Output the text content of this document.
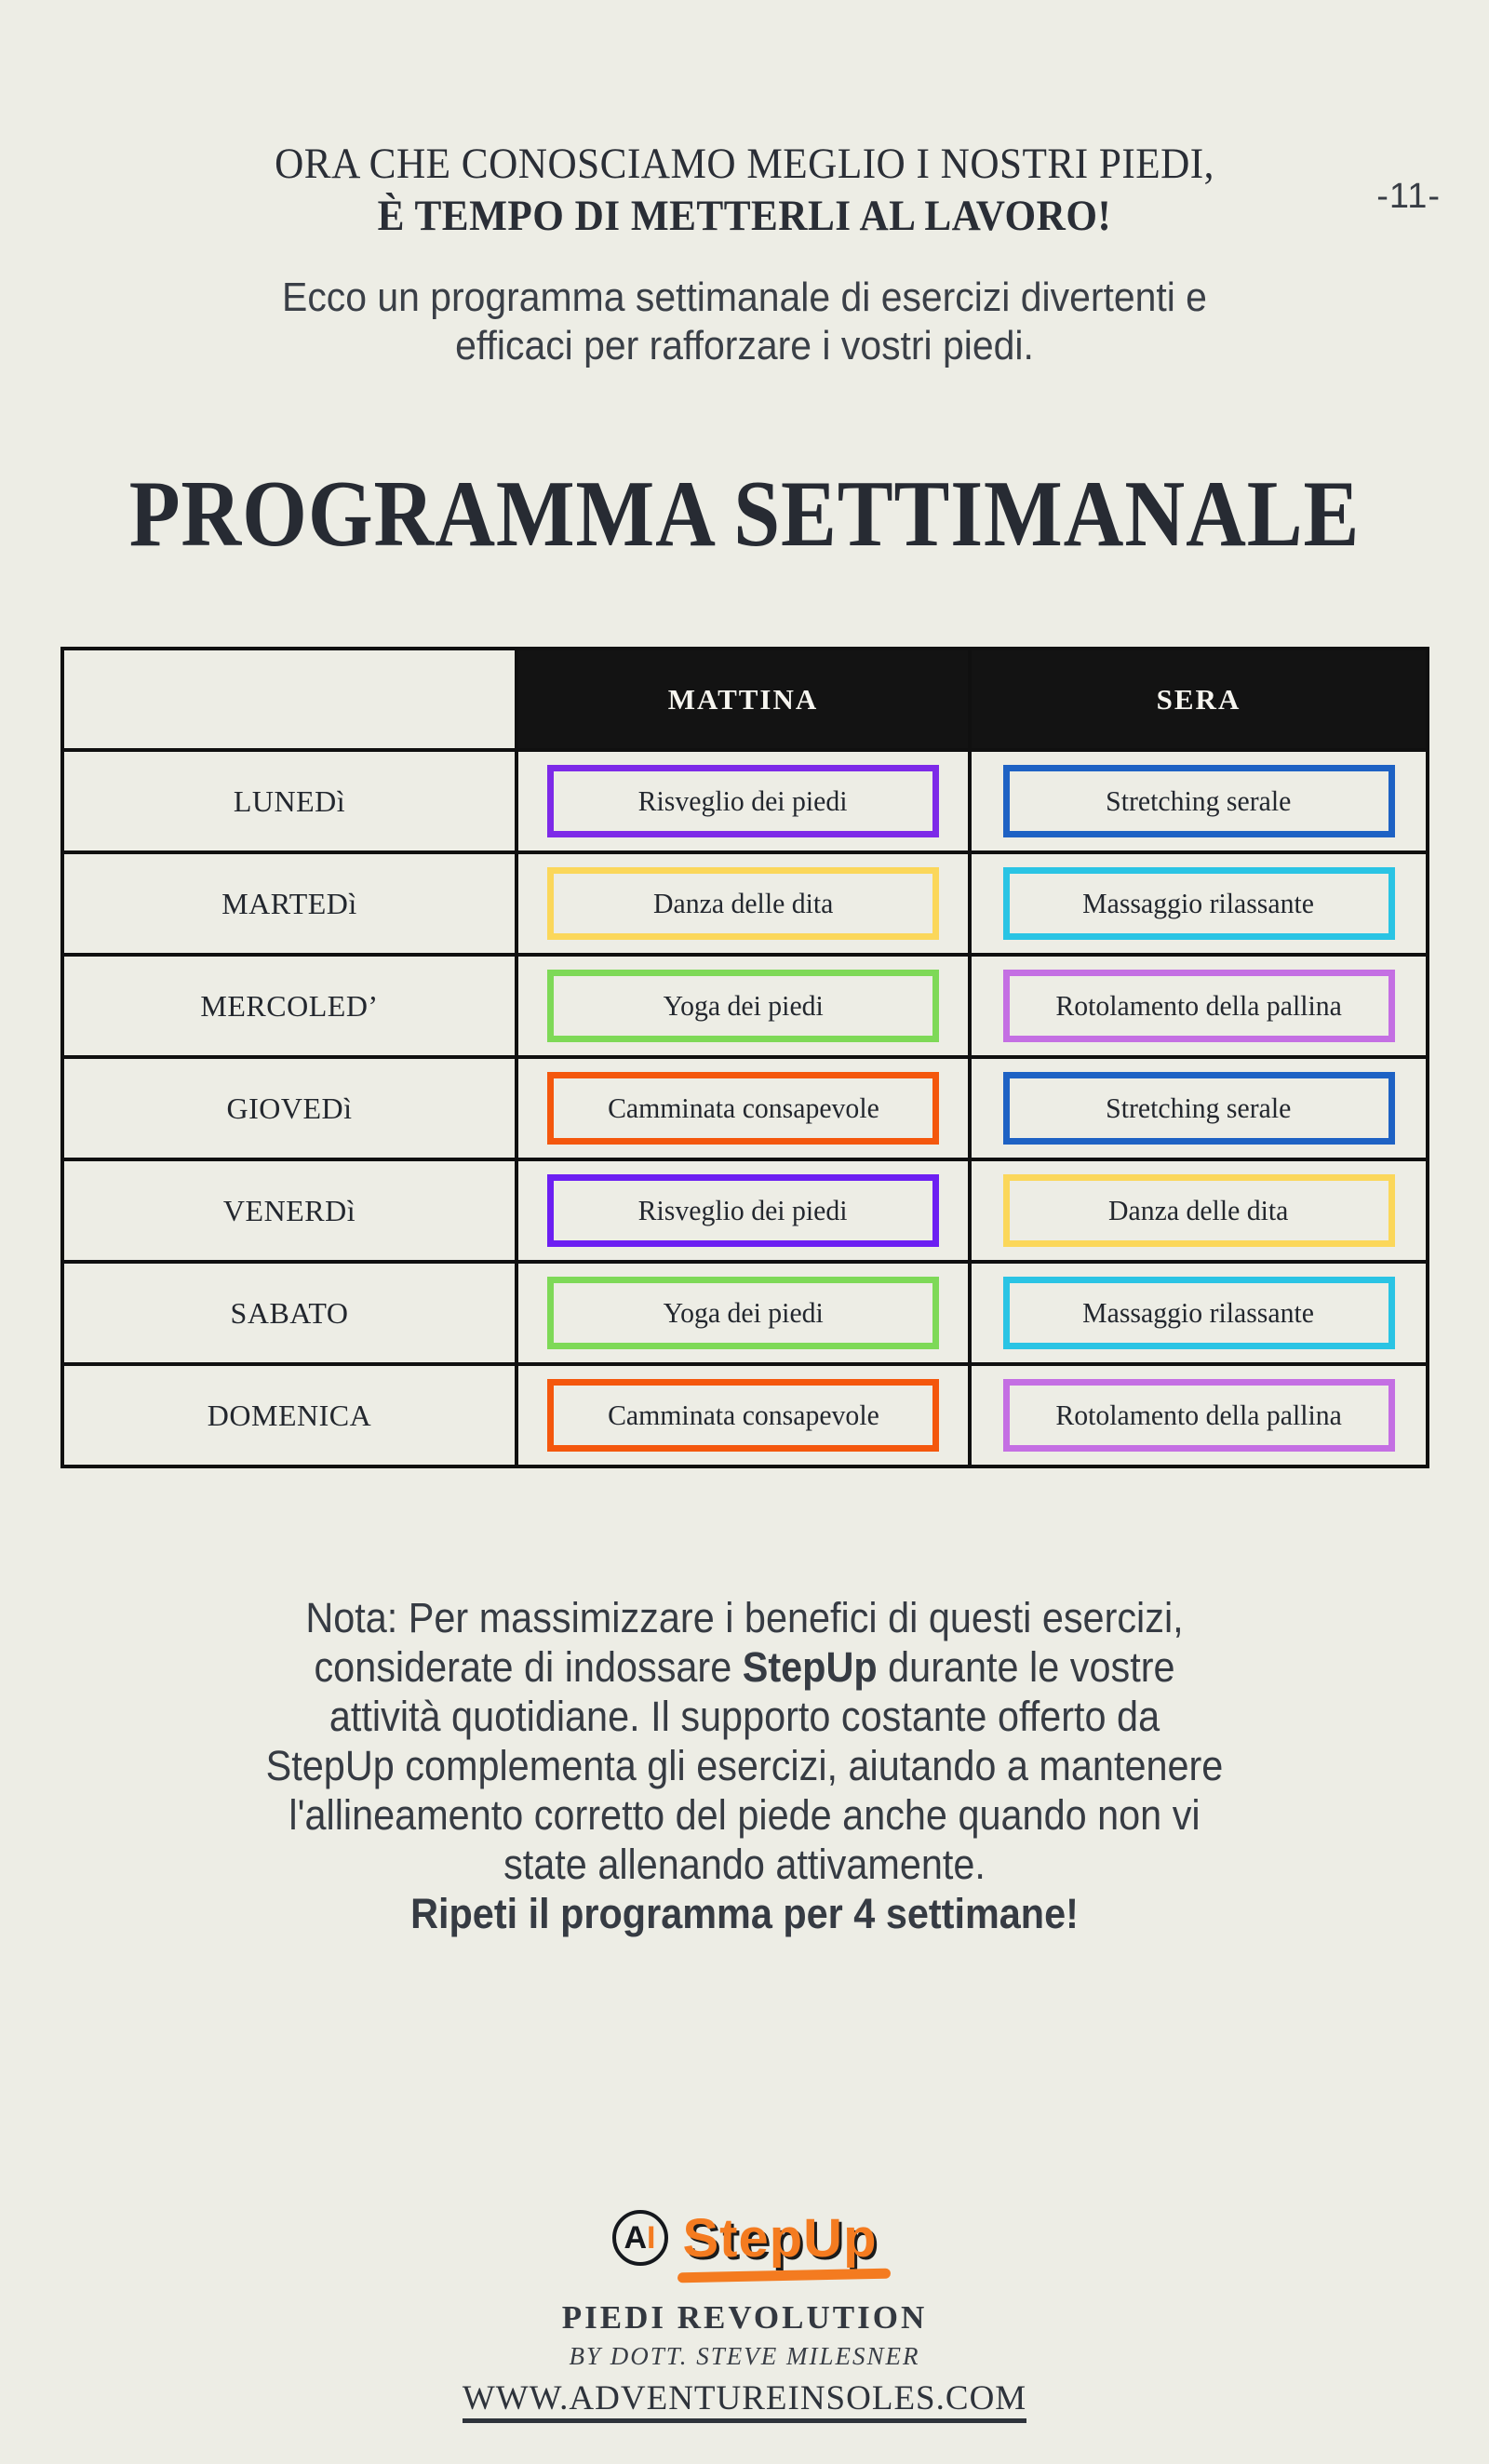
-11-
ORA CHE CONOSCIAMO MEGLIO I NOSTRI PIEDI,
È TEMPO DI METTERLI AL LAVORO!
Ecco un programma settimanale di esercizi divertenti e
efficaci per rafforzare i vostri piedi.
PROGRAMMA SETTIMANALE
	MATTINA	SERA
LUNEDì	Risveglio dei piedi	Stretching serale

MARTEDì	Danza delle dita	Massaggio rilassante

MERCOLED’	Yoga dei piedi	Rotolamento della pallina

GIOVEDì	Camminata consapevole	Stretching serale

VENERDì	Risveglio dei piedi	Danza delle dita

SABATO	Yoga dei piedi	Massaggio rilassante

DOMENICA	Camminata consapevole	Rotolamento della pallina
Nota: Per massimizzare i benefici di questi esercizi,
considerate di indossare StepUp durante le vostre
attività quotidiane. Il supporto costante offerto da
StepUp complementa gli esercizi, aiutando a mantenere
l'allineamento corretto del piede anche quando non vi
state allenando attivamente.
Ripeti il programma per 4 settimane!
A I StepUp
PIEDI REVOLUTION
BY DOTT. STEVE MILESNER
WWW.ADVENTUREINSOLES.COM
